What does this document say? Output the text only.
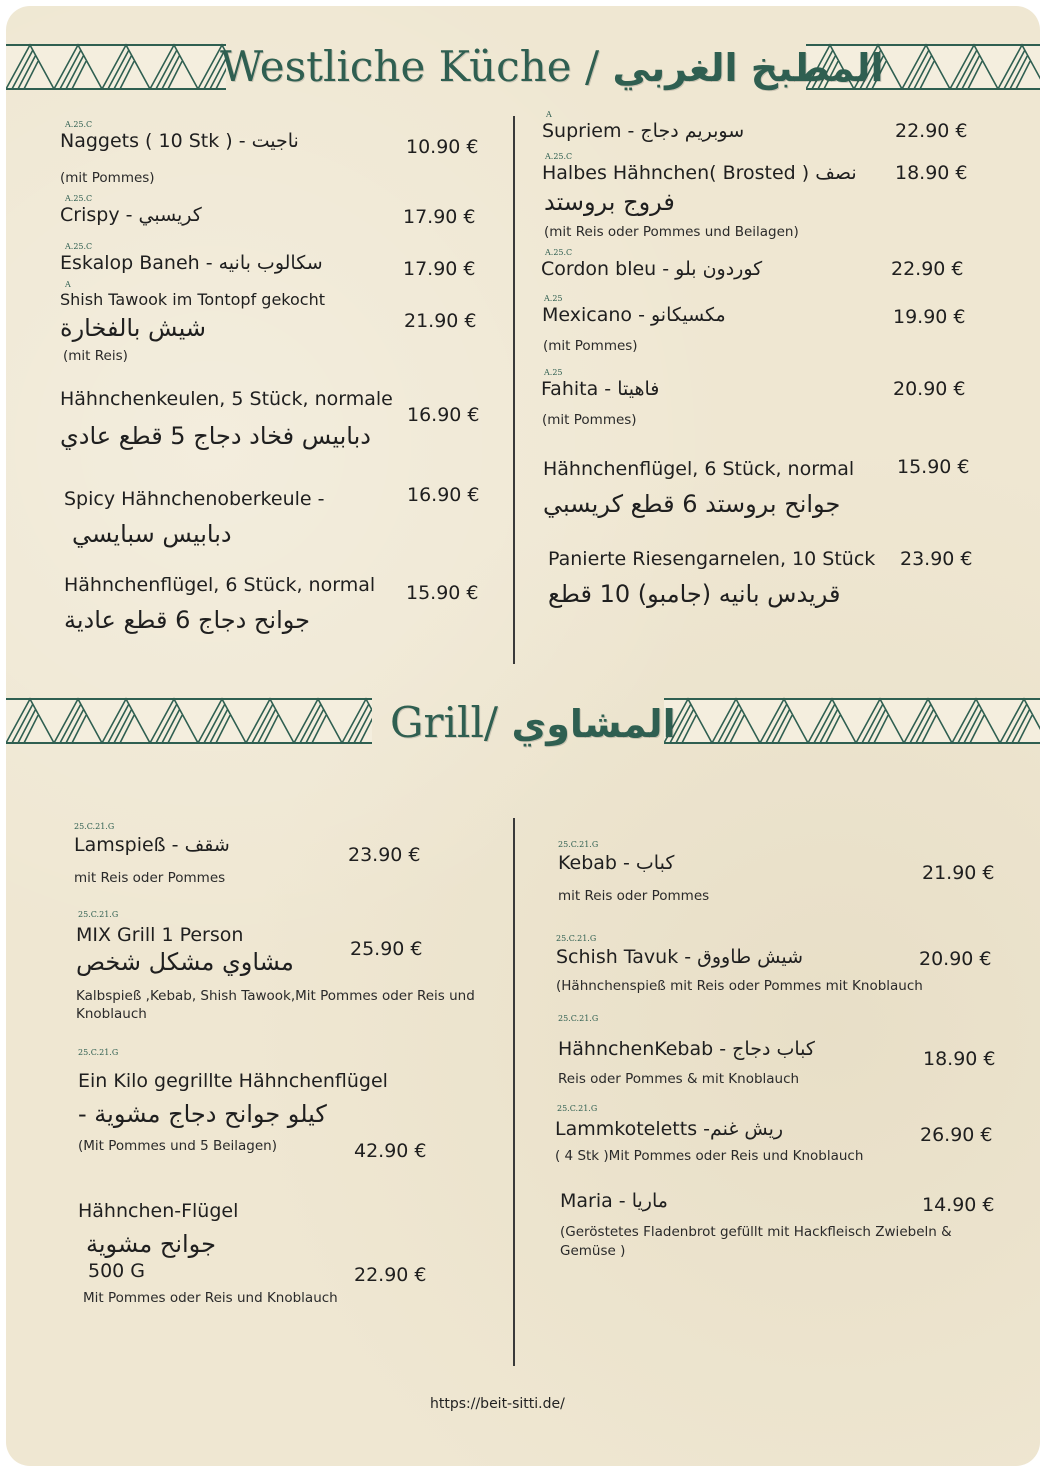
Westliche Küche / المطبخ الغربي
Grill/ المشاوي
A.25.C
Naggets ( 10 Stk ) - ناجيت	10.90 €
(mit Pommes)
A.25.C
Crispy - كريسبي	17.90 €
A.25.C
Eskalop Baneh - سكالوب بانيه	17.90 €
A
Shish Tawook im Tontopf gekocht
شيش بالفخارة	21.90 €
(mit Reis)
Hähnchenkeulen, 5 Stück, normale
دبابيس فخاد دجاج 5 قطع عادي
16.90 €
Spicy Hähnchenoberkeule -
دبابيس سبايسي
16.90 €
Hähnchenflügel, 6 Stück, normal
جوانح دجاج 6 قطع عادية
15.90 €
A
Supriem - سوبريم دجاج	22.90 €
A.25.C
Halbes Hähnchen( Brosted ) نصف
فروج بروستد
18.90 €
(mit Reis oder Pommes und Beilagen)
A.25.C
Cordon bleu - كوردون بلو	22.90 €
A.25
Mexicano - مكسيكانو	19.90 €
(mit Pommes)
A.25
Fahita - فاهيتا	20.90 €
(mit Pommes)
Hähnchenflügel, 6 Stück, normal
جوانح بروستد 6 قطع كريسبي
15.90 €
Panierte Riesengarnelen, 10 Stück
قريدس بانيه (جامبو) 10 قطع
23.90 €
25.C.21.G
Lamspieß - شقف	23.90 €
mit Reis oder Pommes
25.C.21.G
MIX Grill 1 Person
مشاوي مشكل شخص	25.90 €
Kalbspieß ,Kebab, Shish Tawook,Mit Pommes oder Reis und
Knoblauch
25.C.21.G
Ein Kilo gegrillte Hähnchenflügel
كيلو جوانح دجاج مشوية -
(Mit Pommes und 5 Beilagen)	42.90 €
Hähnchen-Flügel
جوانح مشوية
500 G	22.90 €
Mit Pommes oder Reis und Knoblauch
25.C.21.G
Kebab - كباب	21.90 €
mit Reis oder Pommes
25.C.21.G
Schish Tavuk - شيش طاووق	20.90 €
(Hähnchenspieß mit Reis oder Pommes mit Knoblauch
25.C.21.G
HähnchenKebab - كباب دجاج	18.90 €
Reis oder Pommes & mit Knoblauch
25.C.21.G
Lammkoteletts -ريش غنم	26.90 €
( 4 Stk )Mit Pommes oder Reis und Knoblauch
Maria - ماريا	14.90 €
(Geröstetes Fladenbrot gefüllt mit Hackfleisch Zwiebeln &
Gemüse )
https://beit-sitti.de/
